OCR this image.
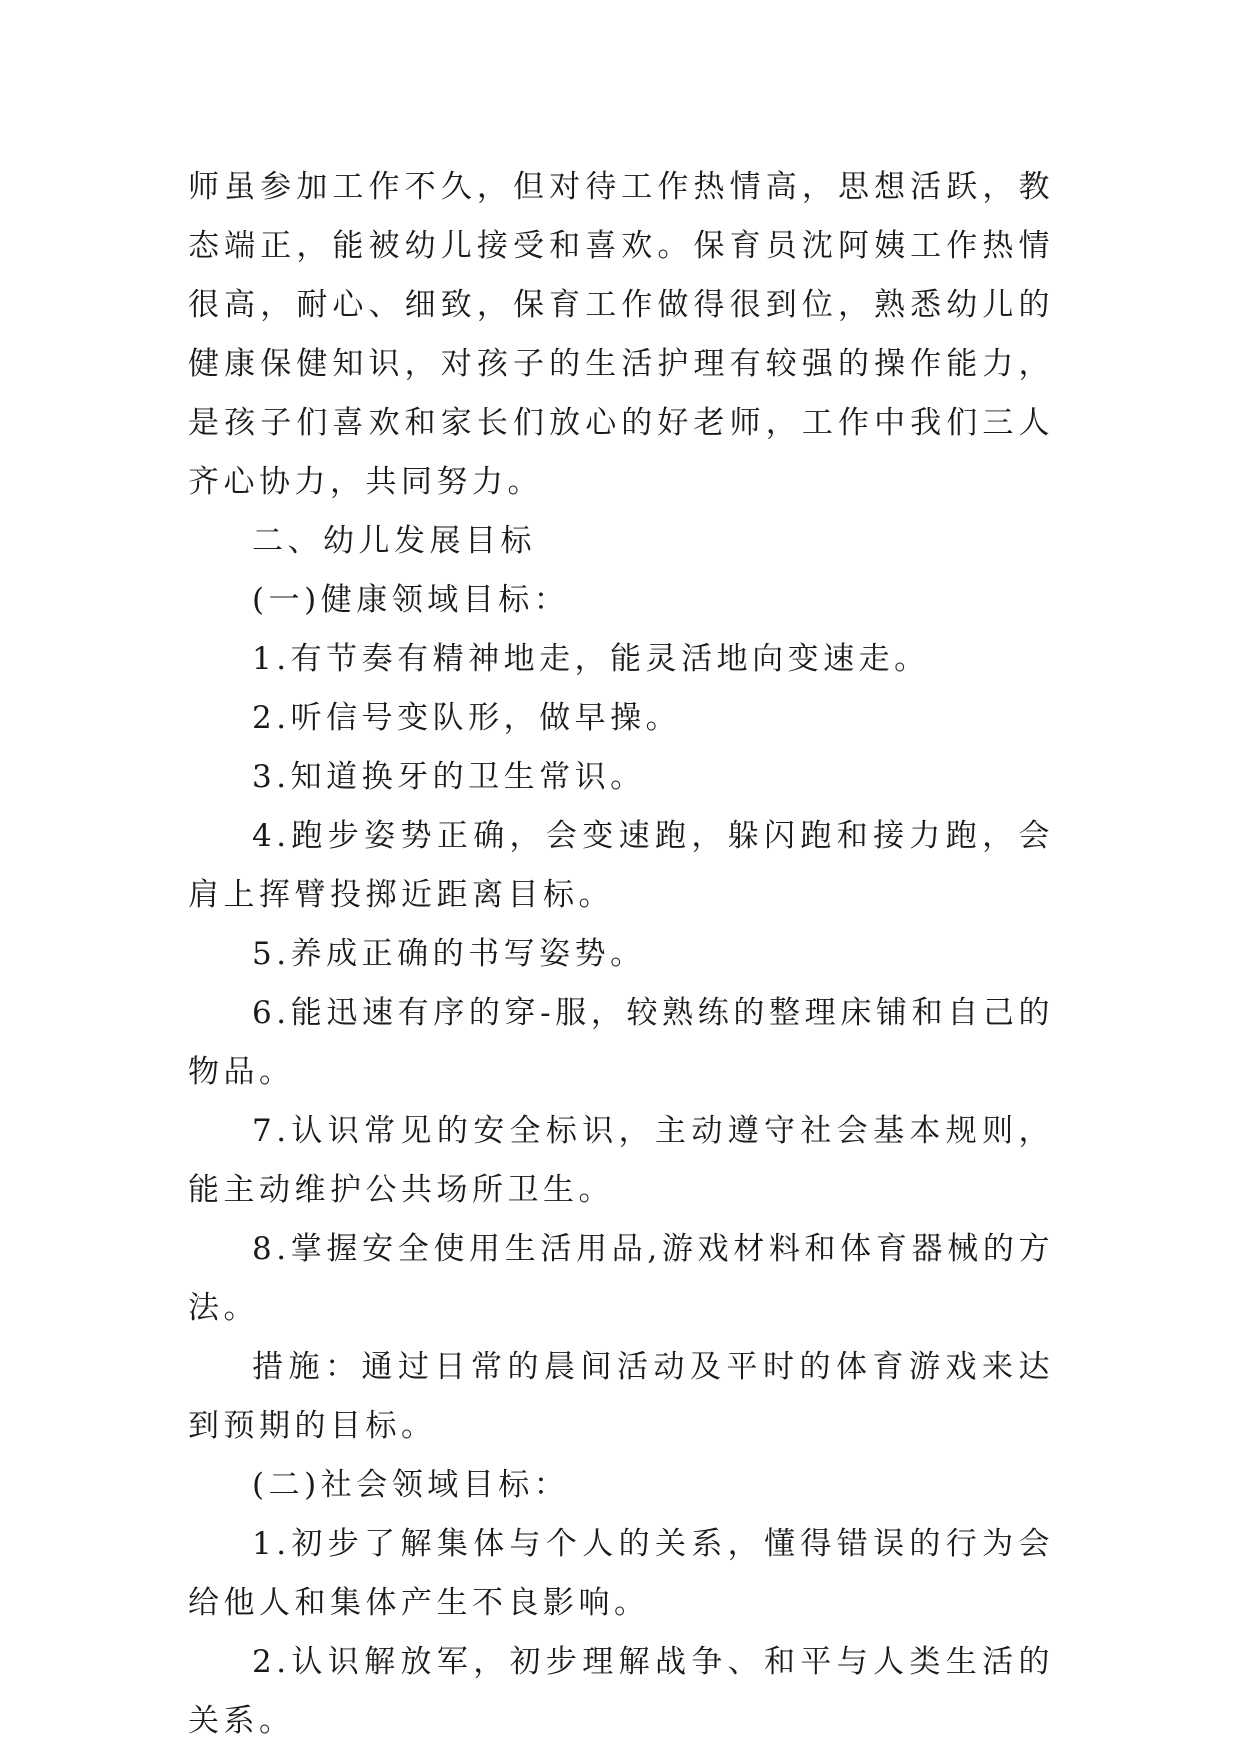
师虽参加工作不久，但对待工作热情高，思想活跃，教态端正，能被幼儿接受和喜欢。保育员沈阿姨工作热情很高，耐心、细致，保育工作做得很到位，熟悉幼儿的健康保健知识，对孩子的生活护理有较强的操作能力，是孩子们喜欢和家长们放心的好老师，工作中我们三人齐心协力，共同努力。

二、幼儿发展目标

(一)健康领域目标：

1.有节奏有精神地走，能灵活地向变速走。

2.听信号变队形，做早操。

3.知道换牙的卫生常识。

4.跑步姿势正确，会变速跑，躲闪跑和接力跑，会肩上挥臂投掷近距离目标。

5.养成正确的书写姿势。

6.能迅速有序的穿-服，较熟练的整理床铺和自己的物品。

7.认识常见的安全标识，主动遵守社会基本规则，能主动维护公共场所卫生。

8.掌握安全使用生活用品,游戏材料和体育器械的方法。

措施：通过日常的晨间活动及平时的体育游戏来达到预期的目标。

(二)社会领域目标：

1.初步了解集体与个人的关系，懂得错误的行为会给他人和集体产生不良影响。

2.认识解放军，初步理解战争、和平与人类生活的关系。
